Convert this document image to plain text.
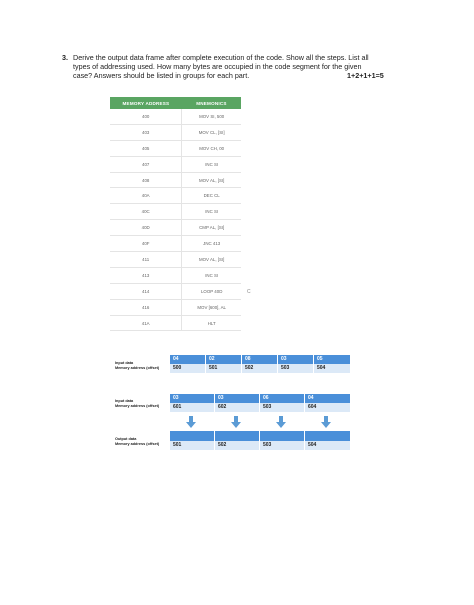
3. Derive the output data frame after complete execution of the code. Show all the steps. List all
types of addressing used. How many bytes are occupied in the code segment for the given
case? Answers should be listed in groups for each part.	1+2+1+1=5
MEMORY ADDRESS	MNEMONICS
400	MOV SI, 500
403	MOV CL, [SI]
405	MOV CH, 00
407	INC SI
408	MOV AL, [SI]
40A	DEC CL
40C	INC SI
40D	CMP AL, [SI]
40F	JNC 413
411	MOV AL, [SI]
413	INC SI
414	LOOP 40D
416	MOV [600], AL
41A	HLT
C
Input data
Memory address (offset)
04	02	08	03	05
500	501	502	503	504
Input data
Memory address (offset)
03	03	06	04
601	602	503	604
Output data
Memory address (offset)	501	502	503	504
